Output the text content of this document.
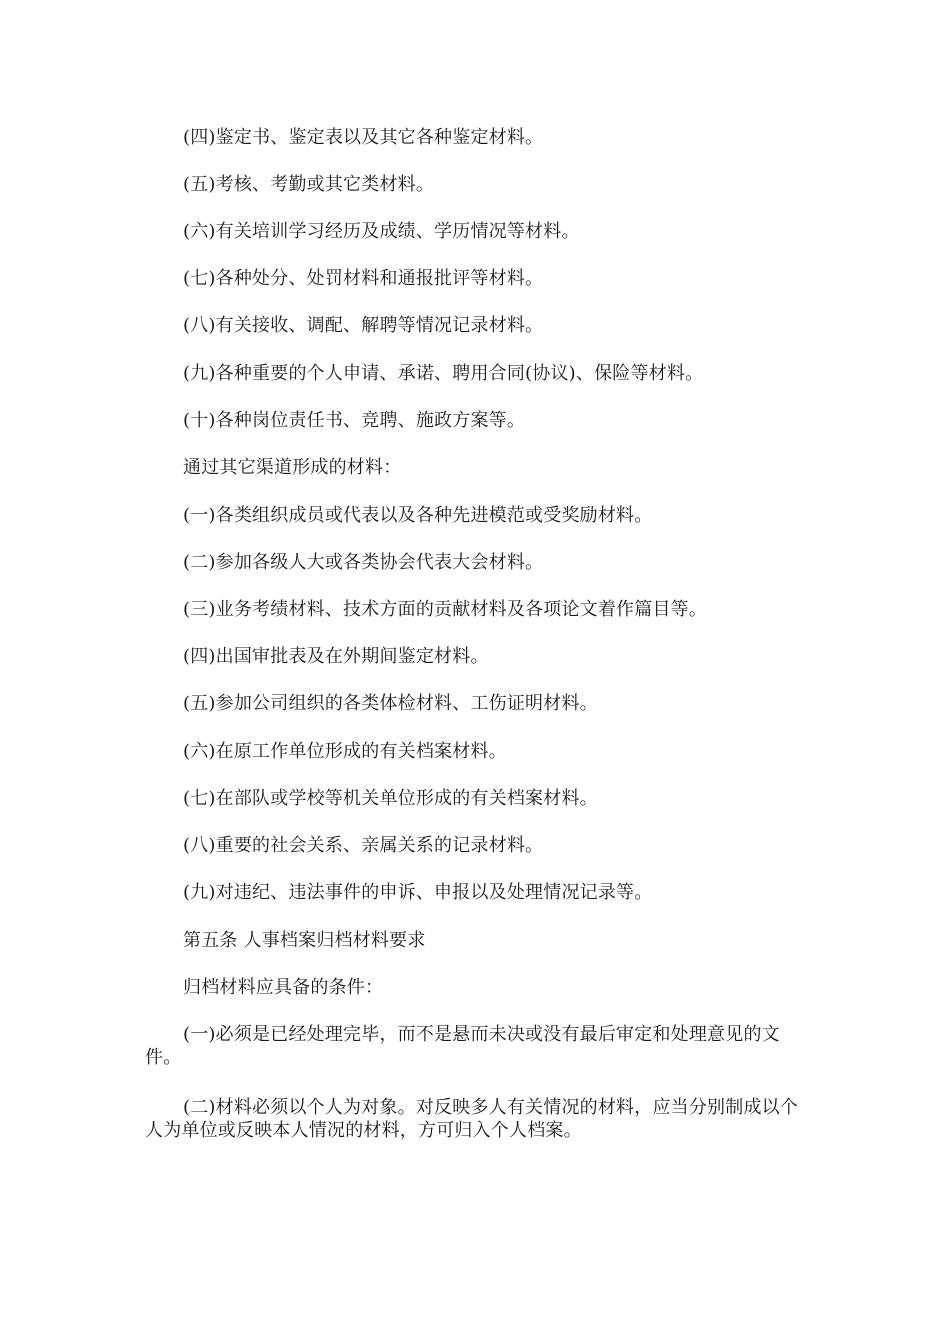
(四)鉴定书、鉴定表以及其它各种鉴定材料。
(五)考核、考勤或其它类材料。
(六)有关培训学习经历及成绩、学历情况等材料。
(七)各种处分、处罚材料和通报批评等材料。
(八)有关接收、调配、解聘等情况记录材料。
(九)各种重要的个人申请、承诺、聘用合同(协议)、保险等材料。
(十)各种岗位责任书、竞聘、施政方案等。
通过其它渠道形成的材料：
(一)各类组织成员或代表以及各种先进模范或受奖励材料。
(二)参加各级人大或各类协会代表大会材料。
(三)业务考绩材料、技术方面的贡献材料及各项论文着作篇目等。
(四)出国审批表及在外期间鉴定材料。
(五)参加公司组织的各类体检材料、工伤证明材料。
(六)在原工作单位形成的有关档案材料。
(七)在部队或学校等机关单位形成的有关档案材料。
(八)重要的社会关系、亲属关系的记录材料。
(九)对违纪、违法事件的申诉、申报以及处理情况记录等。
第五条 人事档案归档材料要求
归档材料应具备的条件：
(一)必须是已经处理完毕，而不是悬而未决或没有最后审定和处理意见的文件。
(二)材料必须以个人为对象。对反映多人有关情况的材料，应当分别制成以个人为单位或反映本人情况的材料，方可归入个人档案。
